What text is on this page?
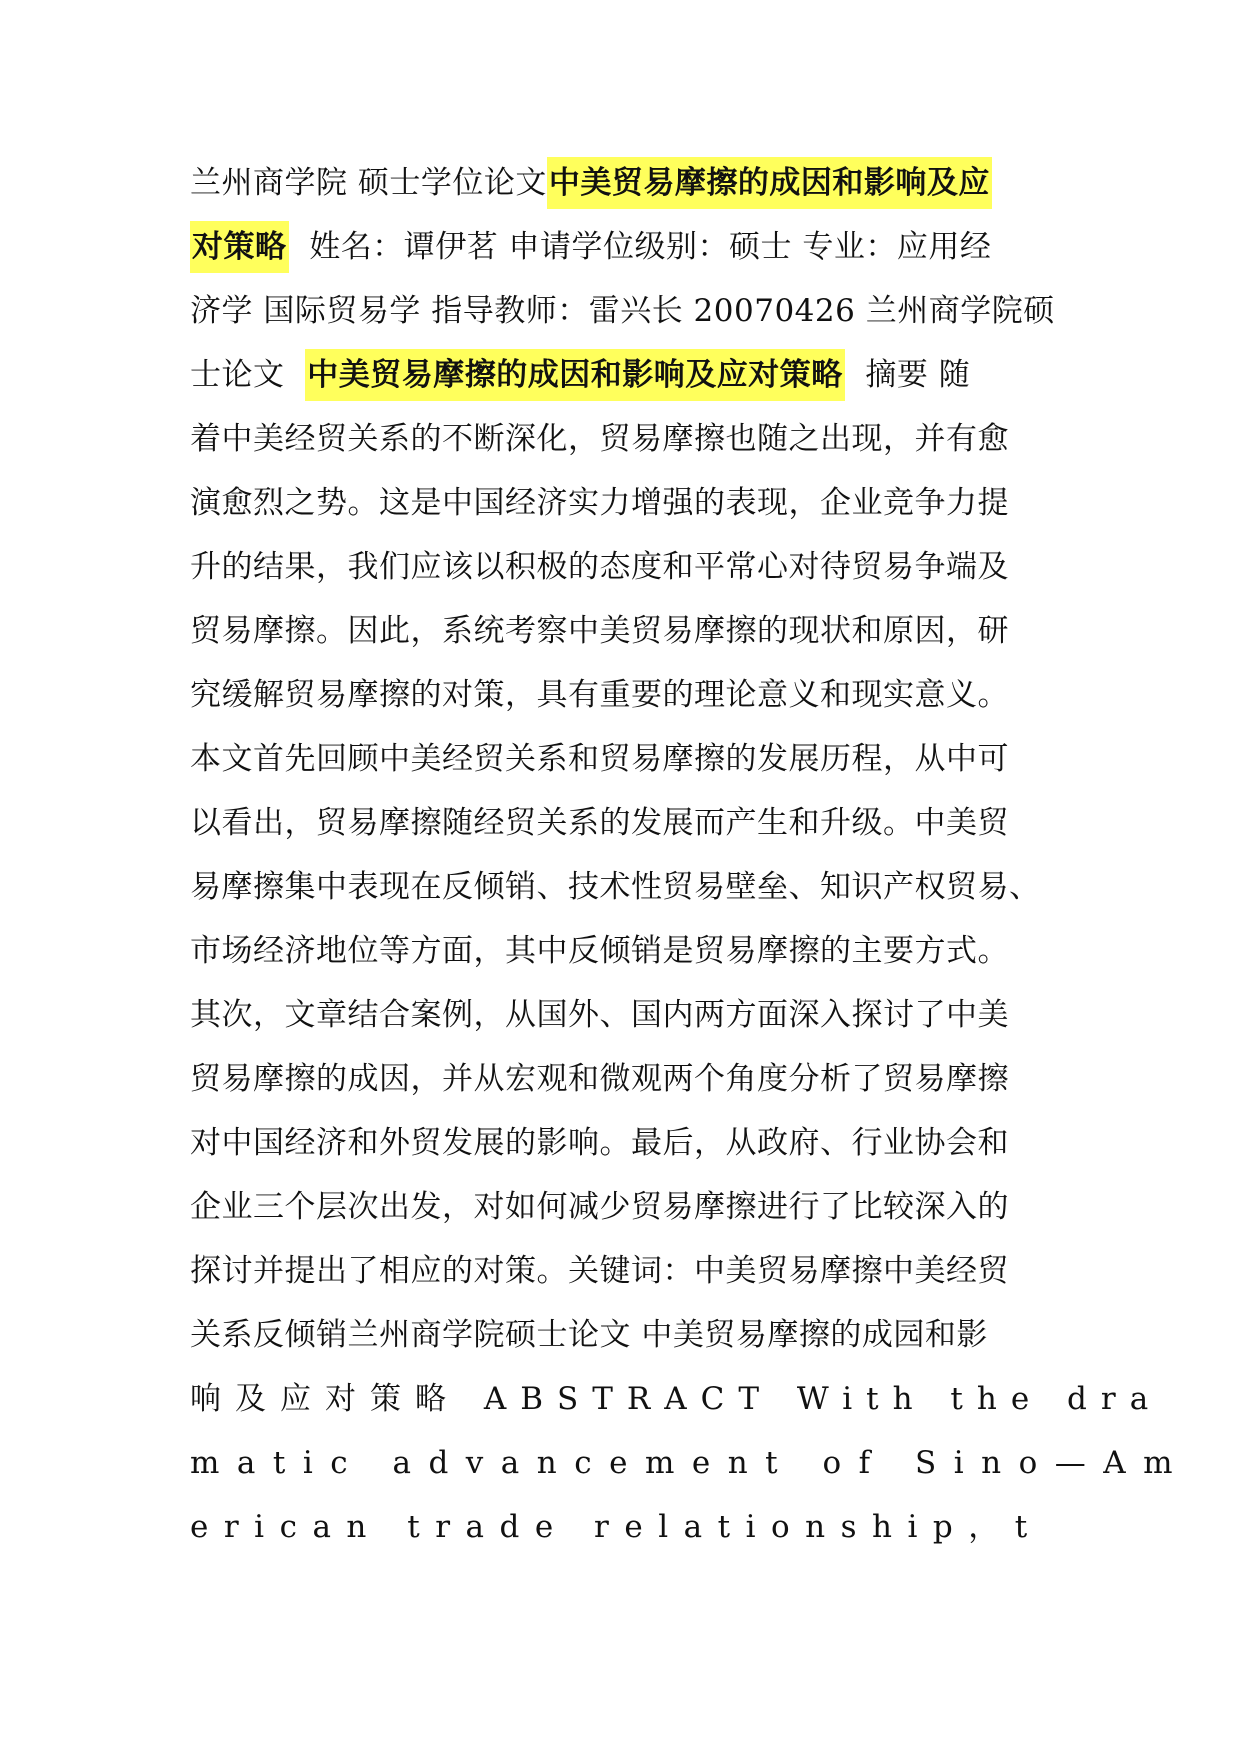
兰州商学院 硕士学位论文中美贸易摩擦的成因和影响及应
对策略  姓名：谭伊茗 申请学位级别：硕士 专业：应用经
济学 国际贸易学 指导教师：雷兴长 20070426 兰州商学院硕
士论文  中美贸易摩擦的成因和影响及应对策略  摘要 随
着中美经贸关系的不断深化，贸易摩擦也随之出现，并有愈
演愈烈之势。这是中国经济实力增强的表现，企业竞争力提
升的结果，我们应该以积极的态度和平常心对待贸易争端及
贸易摩擦。因此，系统考察中美贸易摩擦的现状和原因，研
究缓解贸易摩擦的对策，具有重要的理论意义和现实意义。
本文首先回顾中美经贸关系和贸易摩擦的发展历程，从中可
以看出，贸易摩擦随经贸关系的发展而产生和升级。中美贸
易摩擦集中表现在反倾销、技术性贸易壁垒、知识产权贸易、
市场经济地位等方面，其中反倾销是贸易摩擦的主要方式。
其次，文章结合案例，从国外、国内两方面深入探讨了中美
贸易摩擦的成因，并从宏观和微观两个角度分析了贸易摩擦
对中国经济和外贸发展的影响。最后，从政府、行业协会和
企业三个层次出发，对如何减少贸易摩擦进行了比较深入的
探讨并提出了相应的对策。关键词：中美贸易摩擦中美经贸
关系反倾销兰州商学院硕士论文 中美贸易摩擦的成园和影
响及应对策略 ABSTRACT With the dra
matic advancement of Sino—Am
erican trade relationship，t
